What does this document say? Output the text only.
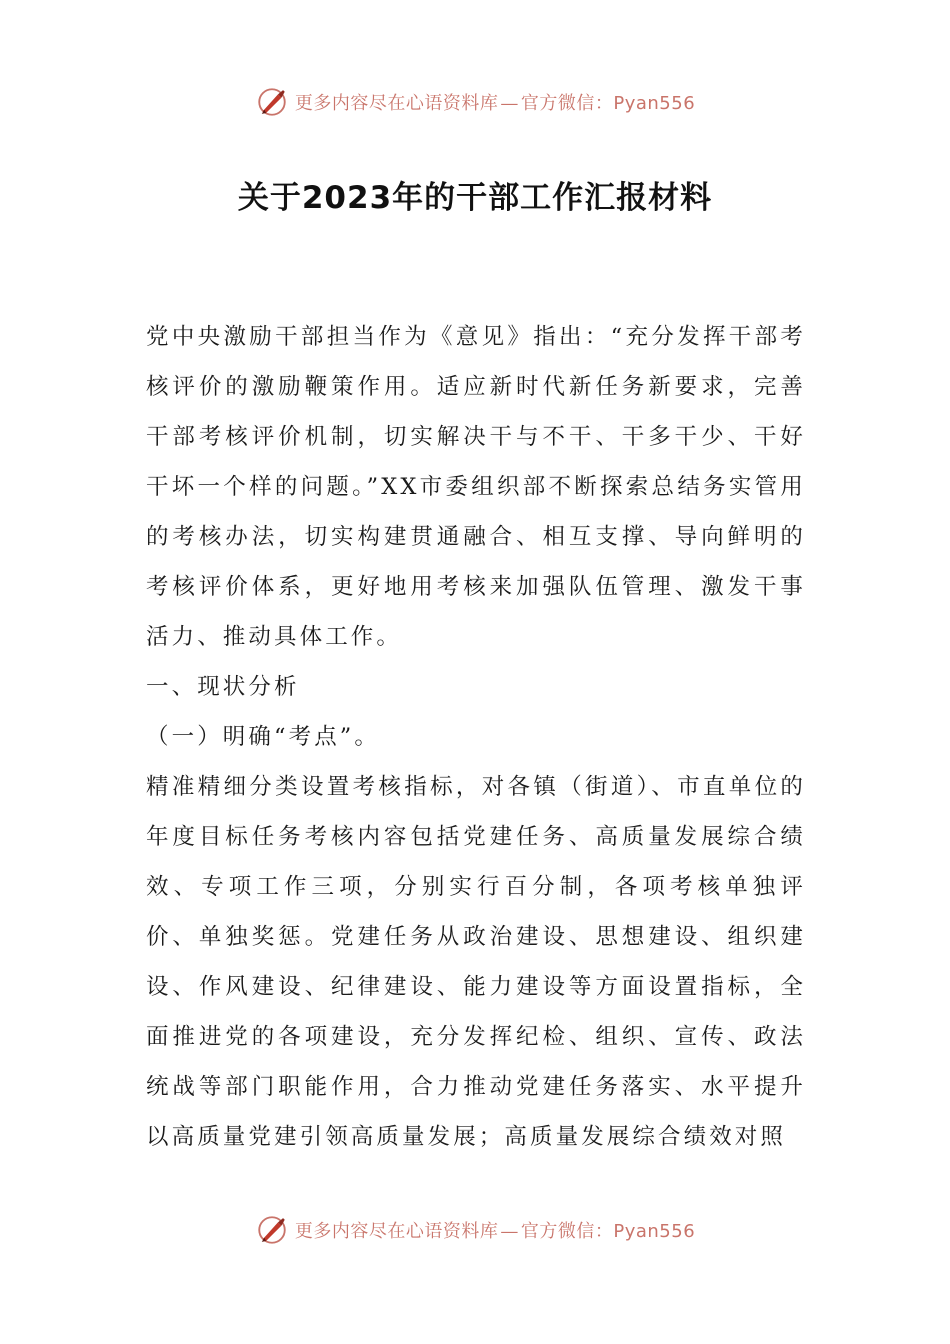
更多内容尽在心语资料库 — 官方微信：Pyan556
关于2023年的干部工作汇报材料

党中央激励干部担当作为《意见》指出：“充分发挥干部考核评价的激励鞭策作用。适应新时代新任务新要求，完善干部考核评价机制，切实解决干与不干、干多干少、干好干坏一个样的问题。”XX市委组织部不断探索总结务实管用的考核办法，切实构建贯通融合、相互支撑、导向鲜明的考核评价体系，更好地用考核来加强队伍管理、激发干事活力、推动具体工作。

一、现状分析

（一）明确“考点”。

精准精细分类设置考核指标，对各镇（街道）、市直单位的年度目标任务考核内容包括党建任务、高质量发展综合绩效、专项工作三项，分别实行百分制，各项考核单独评价、单独奖惩。党建任务从政治建设、思想建设、组织建设、作风建设、纪律建设、能力建设等方面设置指标，全面推进党的各项建设，充分发挥纪检、组织、宣传、政法统战等部门职能作用，合力推动党建任务落实、水平提升以高质量党建引领高质量发展；高质量发展综合绩效对照

更多内容尽在心语资料库 — 官方微信：Pyan556
